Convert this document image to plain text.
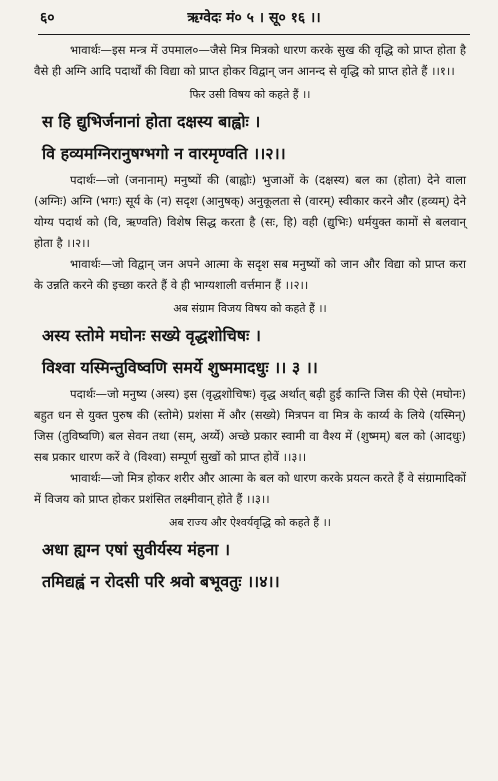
६०	ऋग्वेदः मं० ५ । सू० १६ ।।

भावार्थः—इस मन्त्र में उपमाल०—जैसे मित्र मित्रको धारण करके सुख की वृद्धि को प्राप्त होता है वैसे ही अग्नि आदि पदार्थों की विद्या को प्राप्त होकर विद्वान् जन आनन्द से वृद्धि को प्राप्त होते हैं ।।१।।

फिर उसी विषय को कहते हैं ।।

स हि द्युभिर्जनानां होता दक्षस्य बाह्वोः ।
वि हव्यमग्निरानुषग्भगो न वारमृण्वति ।।२।।

पदार्थः—जो (जनानाम्) मनुष्यों की (बाह्वोः) भुजाओं के (दक्षस्य) बल का (होता) देने वाला (अग्निः) अग्नि (भगः) सूर्य के (न) सदृश (आनुषक्) अनुकूलता से (वारम्) स्वीकार करने और (हव्यम्) देने योग्य पदार्थ को (वि, ऋण्वति) विशेष सिद्ध करता है (सः, हि) वही (द्युभिः) धर्मयुक्त कामों से बलवान् होता है ।।२।।

भावार्थः—जो विद्वान् जन अपने आत्मा के सदृश सब मनुष्यों को जान और विद्या को प्राप्त करा के उन्नति करने की इच्छा करते हैं वे ही भाग्यशाली वर्त्तमान हैं ।।२।।

अब संग्राम विजय विषय को कहते हैं ।।

अस्य स्तोमे मघोनः सख्ये वृद्धशोचिषः ।
विश्वा यस्मिन्तुविष्वणि समर्ये शुष्ममादधुः ।। ३ ।।

पदार्थः—जो मनुष्य (अस्य) इस (वृद्धशोचिषः) वृद्ध अर्थात् बढ़ी हुई कान्ति जिस की ऐसे (मघोनः) बहुत धन से युक्त पुरुष की (स्तोमे) प्रशंसा में और (सख्ये) मित्रपन वा मित्र के कार्य्य के लिये (यस्मिन्) जिस (तुविष्वणि) बल सेवन तथा (सम्, अर्य्ये) अच्छे प्रकार स्वामी वा वैश्य में (शुष्मम्) बल को (आदधुः) सब प्रकार धारण करें वे (विश्वा) सम्पूर्ण सुखों को प्राप्त होवें ।।३।।

भावार्थः—जो मित्र होकर शरीर और आत्मा के बल को धारण करके प्रयत्न करते हैं वे संग्रामादिकों में विजय को प्राप्त होकर प्रशंसित लक्ष्मीवान् होते हैं ।।३।।

अब राज्य और ऐश्वर्यवृद्धि को कहते हैं ।।

अधा ह्यग्न एषां सुवीर्यस्य मंहना ।
तमिद्यह्वं न रोदसी परि श्रवो बभूवतुः ।।४।।
